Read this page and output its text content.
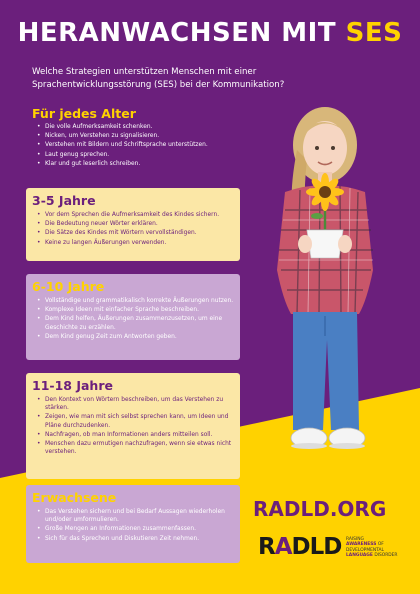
HERANWACHSEN MIT SES
Welche Strategien unterstützen Menschen mit einer Sprachentwicklungsstörung (SES) bei der Kommunikation?
Für jedes Alter
• Die volle Aufmerksamkeit schenken.
• Nicken, um Verstehen zu signalisieren.
• Verstehen mit Bildern und Schriftsprache unterstützen.
• Laut genug sprechen.
• Klar und gut leserlich schreiben.
3-5 Jahre
• Vor dem Sprechen die Aufmerksamkeit des Kindes sichern.
• Die Bedeutung neuer Wörter erklären.
• Die Sätze des Kindes mit Wörtern vervollständigen.
• Keine zu langen Äußerungen verwenden.
6-10 Jahre
• Vollständige und grammatikalisch korrekte Äußerungen nutzen.
• Komplexe Ideen mit einfacher Sprache beschreiben.
• Dem Kind helfen, Äußerungen zusammenzusetzen, um eine Geschichte zu erzählen.
• Dem Kind genug Zeit zum Antworten geben.
11-18 Jahre
• Den Kontext von Wörtern beschreiben, um das Verstehen zu stärken.
• Zeigen, wie man mit sich selbst sprechen kann, um Ideen und Pläne durchzudenken.
• Nachfragen, ob man Informationen anders mitteilen soll.
• Menschen dazu ermutigen nachzufragen, wenn sie etwas nicht verstehen.
Erwachsene
• Das Verstehen sichern und bei Bedarf Aussagen wiederholen und/oder umformulieren.
• Große Mengen an Informationen zusammenfassen.
• Sich für das Sprechen und Diskutieren Zeit nehmen.
RADLD.ORG
RADLD RAISING
AWARENESS OF
DEVELOPMENTAL
LANGUAGE DISORDER
